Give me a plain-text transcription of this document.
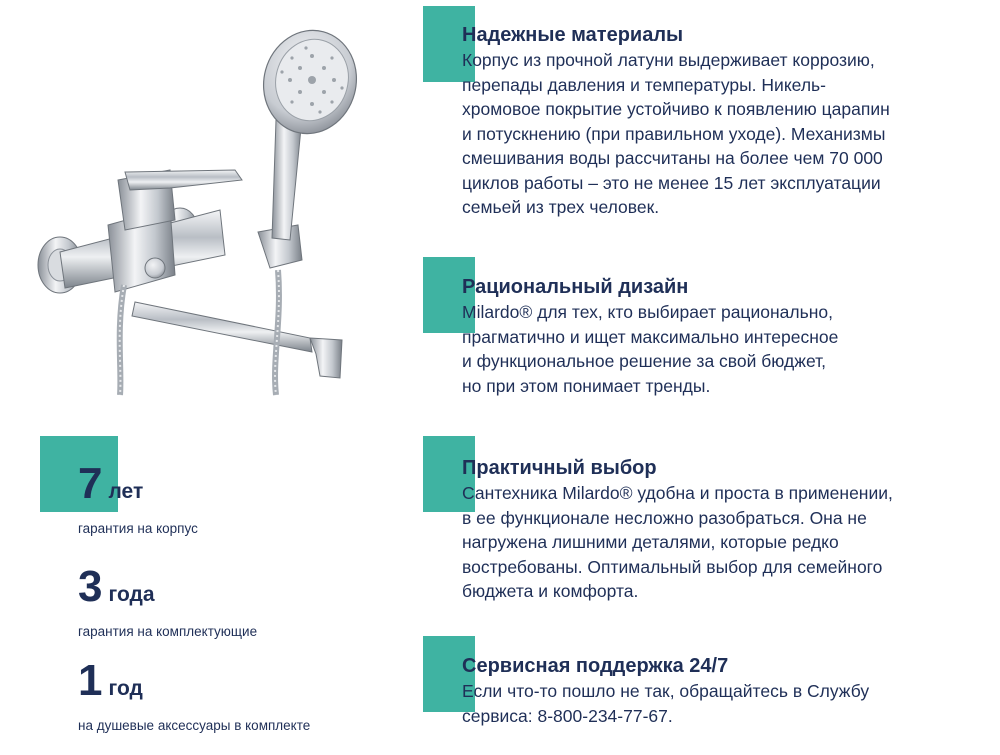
Надежные материалы

Корпус из прочной латуни выдерживает коррозию,
перепады давления и температуры. Никель-
хромовое покрытие устойчиво к появлению царапин
и потускнению (при правильном уходе). Механизмы
смешивания воды рассчитаны на более чем 70 000
циклов работы – это не менее 15 лет эксплуатации
семьей из трех человек.

Рациональный дизайн

Milardo® для тех, кто выбирает рационально,
прагматично и ищет максимально интересное
и функциональное решение за свой бюджет,
но при этом понимает тренды.

Практичный выбор

Сантехника Milardo® удобна и проста в применении,
в ее функционале несложно разобраться. Она не
нагружена лишними деталями, которые редко
востребованы. Оптимальный выбор для семейного
бюджета и комфорта.

Сервисная поддержка 24/7

Если что-то пошло не так, обращайтесь в Службу
сервиса: 8-800-234-77-67.

7 лет
гарантия на корпус
3 года
гарантия на комплектующие
1 год
на душевые аксессуары в комплекте
